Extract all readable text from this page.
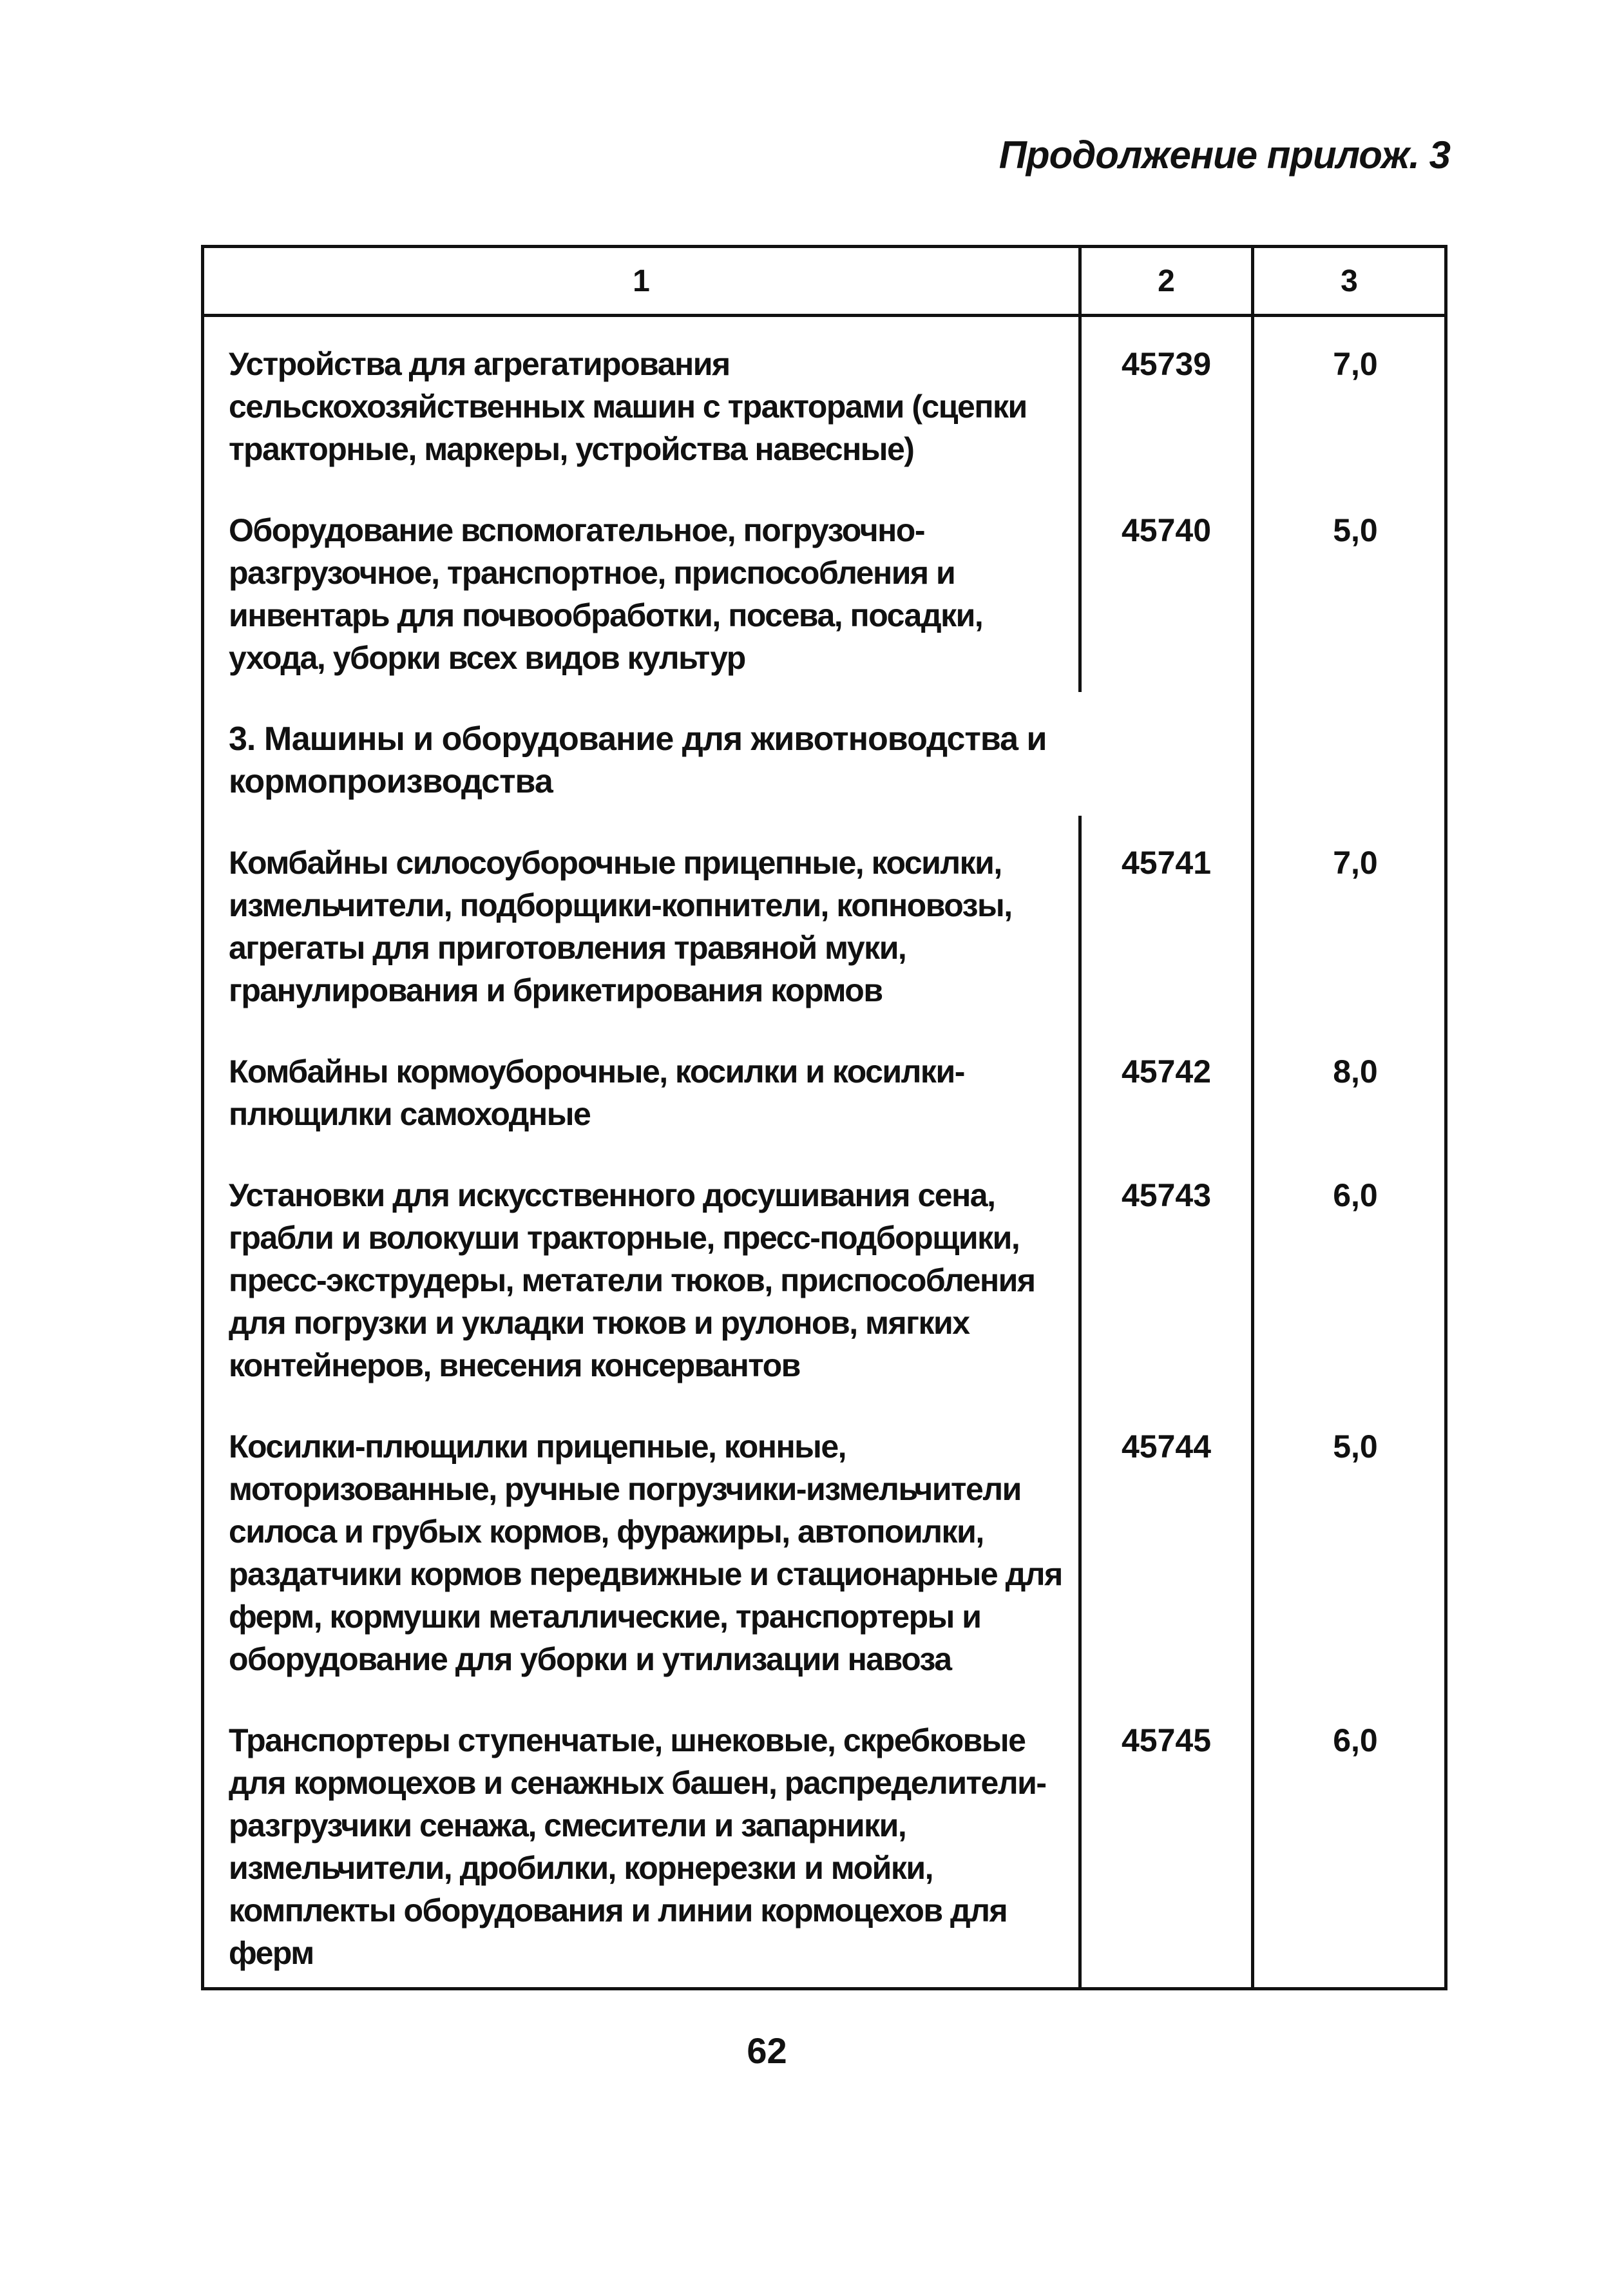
Продолжение прилож. 3
1	2	3
Устройства для агрегатирования сельскохозяйственных машин с тракторами (сцепки тракторные, маркеры, устройства навесные)	45739	7,0
Оборудование вспомогательное, погрузочно-разгрузочное, транспортное, приспособления и инвентарь для почвообработки, посева, посадки, ухода, уборки всех видов культур	45740	5,0
3. Машины и оборудование для животноводства и кормопроизводства		
Комбайны силосоуборочные прицепные, косилки, измельчители, подборщики-копнители, копновозы, агрегаты для приготовления травяной муки, гранулирования и брикетирования кормов	45741	7,0
Комбайны кормоуборочные, косилки и косилки-плющилки самоходные	45742	8,0
Установки для искусственного досушивания сена, грабли и волокуши тракторные, пресс-подборщики, пресс-экструдеры, метатели тюков, приспособления для погрузки и укладки тюков и рулонов, мягких контейнеров, внесения консервантов	45743	6,0
Косилки-плющилки прицепные, конные, моторизованные, ручные погрузчики-измельчители силоса и грубых кормов, фуражиры, автопоилки, раздатчики кормов передвижные и стационарные для ферм, кормушки металлические, транспортеры и оборудование для уборки и утилизации навоза	45744	5,0
Транспортеры ступенчатые, шнековые, скребковые для кормоцехов и сенажных башен, распределители-разгрузчики сенажа, смесители и запарники, измельчители, дробилки, корнерезки и мойки, комплекты оборудования и линии кормоцехов для ферм	45745	6,0
62
